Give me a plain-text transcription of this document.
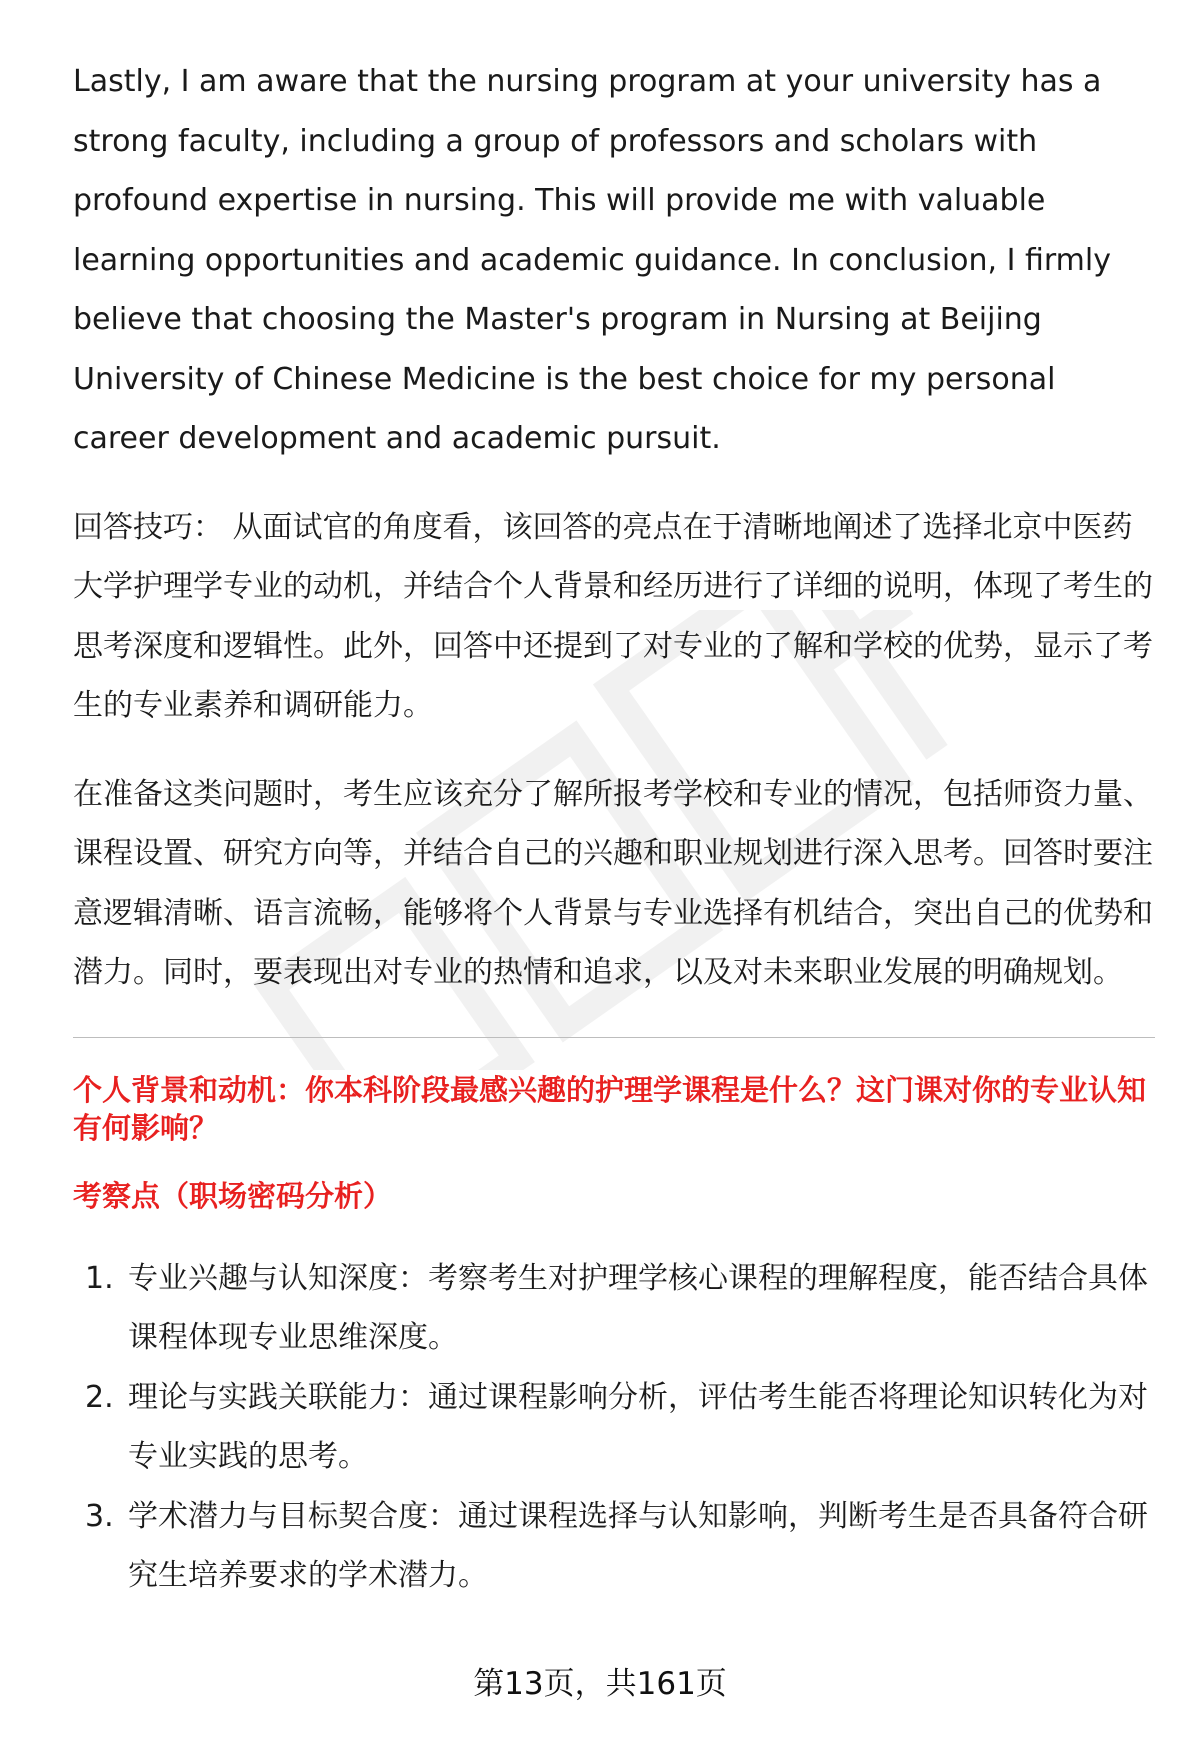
Lastly, I am aware that the nursing program at your university has a strong faculty, including a group of professors and scholars with profound expertise in nursing. This will provide me with valuable learning opportunities and academic guidance. In conclusion, I firmly believe that choosing the Master's program in Nursing at Beijing University of Chinese Medicine is the best choice for my personal career development and academic pursuit.

回答技巧： 从面试官的角度看，该回答的亮点在于清晰地阐述了选择北京中医药大学护理学专业的动机，并结合个人背景和经历进行了详细的说明，体现了考生的思考深度和逻辑性。此外，回答中还提到了对专业的了解和学校的优势，显示了考生的专业素养和调研能力。

在准备这类问题时，考生应该充分了解所报考学校和专业的情况，包括师资力量、课程设置、研究方向等，并结合自己的兴趣和职业规划进行深入思考。回答时要注意逻辑清晰、语言流畅，能够将个人背景与专业选择有机结合，突出自己的优势和潜力。同时，要表现出对专业的热情和追求，以及对未来职业发展的明确规划。

个人背景和动机：你本科阶段最感兴趣的护理学课程是什么？这门课对你的专业认知有何影响？

考察点（职场密码分析）

1. 专业兴趣与认知深度：考察考生对护理学核心课程的理解程度，能否结合具体课程体现专业思维深度。
2. 理论与实践关联能力：通过课程影响分析，评估考生能否将理论知识转化为对专业实践的思考。
3. 学术潜力与目标契合度：通过课程选择与认知影响，判断考生是否具备符合研究生培养要求的学术潜力。
第13页，共161页
